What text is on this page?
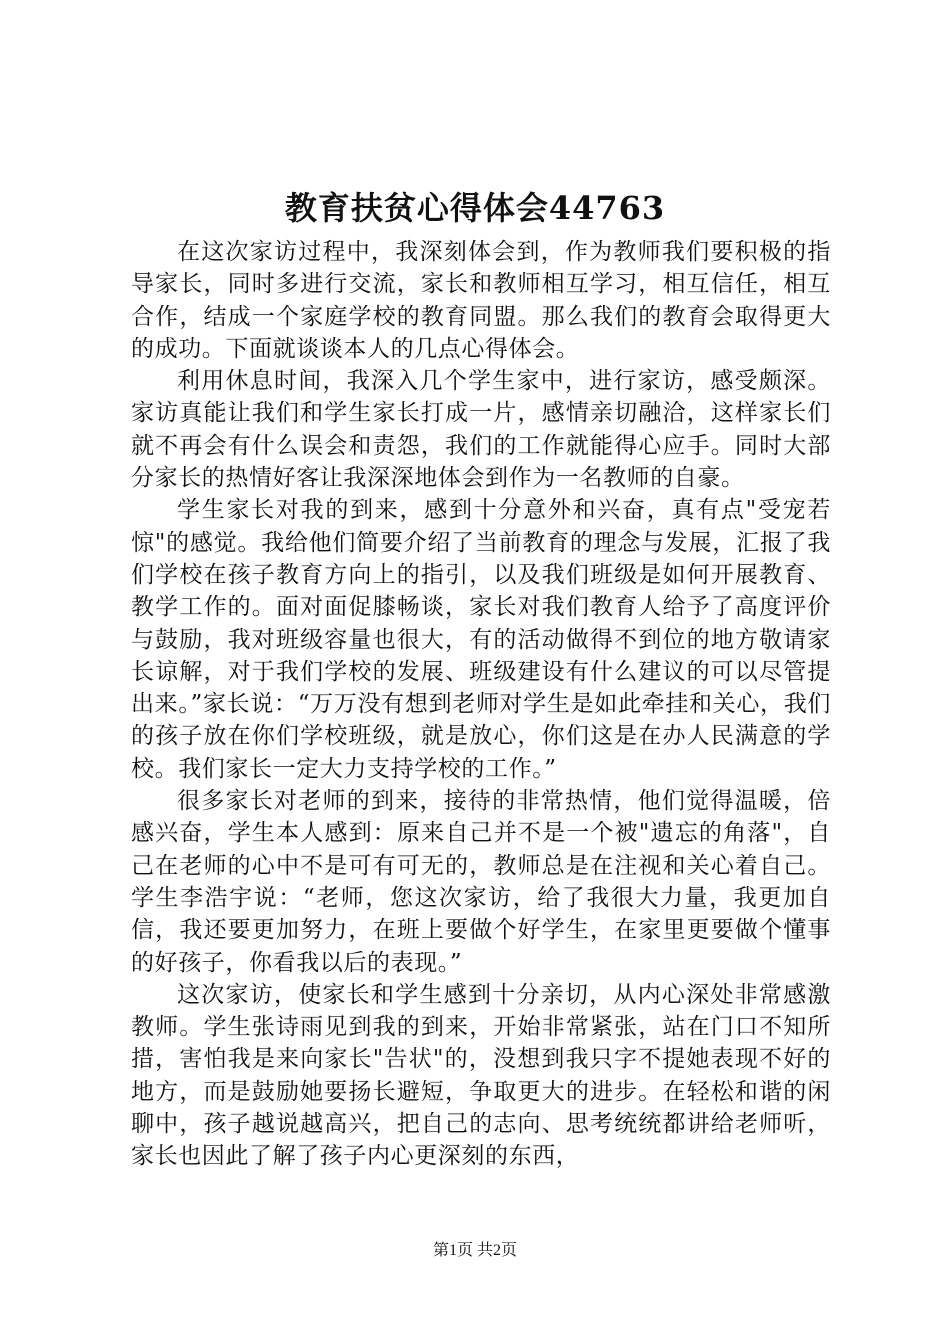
教育扶贫心得体会44763

在这次家访过程中，我深刻体会到，作为教师我们要积极的指导家长，同时多进行交流，家长和教师相互学习，相互信任，相互合作，结成一个家庭学校的教育同盟。那么我们的教育会取得更大的成功。下面就谈谈本人的几点心得体会。

利用休息时间，我深入几个学生家中，进行家访，感受颇深。家访真能让我们和学生家长打成一片，感情亲切融洽，这样家长们就不再会有什么误会和责怨，我们的工作就能得心应手。同时大部分家长的热情好客让我深深地体会到作为一名教师的自豪。

学生家长对我的到来，感到十分意外和兴奋，真有点"受宠若惊"的感觉。我给他们简要介绍了当前教育的理念与发展，汇报了我们学校在孩子教育方向上的指引，以及我们班级是如何开展教育、教学工作的。面对面促膝畅谈，家长对我们教育人给予了高度评价与鼓励，我对班级容量也很大，有的活动做得不到位的地方敬请家长谅解，对于我们学校的发展、班级建设有什么建议的可以尽管提出来。”家长说：“万万没有想到老师对学生是如此牵挂和关心，我们的孩子放在你们学校班级，就是放心，你们这是在办人民满意的学校。我们家长一定大力支持学校的工作。”

很多家长对老师的到来，接待的非常热情，他们觉得温暖，倍感兴奋，学生本人感到：原来自己并不是一个被"遗忘的角落"，自己在老师的心中不是可有可无的，教师总是在注视和关心着自己。学生李浩宇说：“老师，您这次家访，给了我很大力量，我更加自信，我还要更加努力，在班上要做个好学生，在家里更要做个懂事的好孩子，你看我以后的表现。”

这次家访，使家长和学生感到十分亲切，从内心深处非常感激教师。学生张诗雨见到我的到来，开始非常紧张，站在门口不知所措，害怕我是来向家长"告状"的，没想到我只字不提她表现不好的地方，而是鼓励她要扬长避短，争取更大的进步。在轻松和谐的闲聊中，孩子越说越高兴，把自己的志向、思考统统都讲给老师听，家长也因此了解了孩子内心更深刻的东西，

第1页 共2页
